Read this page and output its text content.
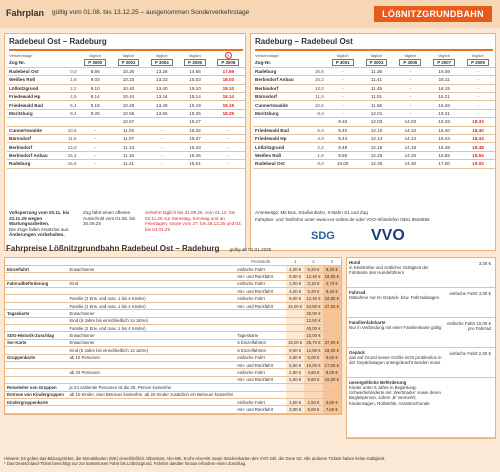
Fahrplan gültig vom 01.08. bis 13.12.25 – ausgenommen Sonderverkehrstage	LÖßNITZGRUNDBAHN
Radebeul Ost – Radeburg
Verkehrstage		täglich	täglich	täglich	täglich	✕
Zug-Nr.		P 3000	P 3002	P 3004	P 3006	P 3008
Radebeul Ost	0,0	8.56	10.26	13.26	14.56	17.56
Weißes Roß	1,6	9.03	10.33	13.33	15.03	18.03
Lößnitzgrund	2,2	9.10	10.40	13.40	15.10	18.10
Friedewald Hp	4,9	9.14	10.44	13.44	15.14	18.14
Friedewald Bad	5,4	9.19	10.49	13.49	15.19	18.19
Moritzburg	8,4	9.25	10.55	13.55	15.25	18.25
			10.57		15.27	
Cunnertswalde	10,5	-	11.03	-	15.32	-
Bärnsdorf	11,6	-	11.07	-	15.37	-
Berbisdorf	13,0	-	11.13	-	15.43	-
Berbisdorf Anbau	15,2	-	11.16	-	15.46	-
Radeburg	16,6	-	11.21	-	15.51	-
Vollsperrung vom 03.11. bis 23.11.25 wegen Wartungsarbeiten.
Die Züge fallen ersatzlos aus.
Änderungen vorbehalten.
Zug fährt einen offenen Ausschnitt vom 01.05. bis 30.09.25
verkehrt täglich bis 31.09.25, vom 01.10. bis 02.11.25 nur Samstag, Sonntag und an Feiertagen, sowie vom 27. bis 28.12.25 und 03. bis 04.01.26
Radeburg – Radebeul Ost
Verkehrstage		täglich	täglich	täglich	täglich	täglich
Zug-Nr.		P 3001	P 3003	P 3005	P 3007	P 3009
Radeburg	16,6	-	11.36	-	16.06	-
Berbisdorf Anbau	15,2	-	11.41	-	16.11	-
Berbisdorf	13,0	-	11.45	-	16.15	-
Bärnsdorf	11,6	-	11.51	-	16.21	-
Cunnertswalde	10,5	-	11.56	-	16.26	-
Moritzburg	8,4	-	12.01	-	16.31	-
		9.33	12.03	14.03	16.33	18.33
Friedewald Bad	5,4	9.40	12.10	14.10	16.40	18.40
Friedewald Hp	4,9	9.44	12.14	14.14	16.44	18.44
Lößnitzgrund	2,2	9.48	12.18	14.18	16.48	18.48
Weißes Roß	1,6	9.55	12.25	14.25	16.55	18.55
Radebeul Ost	0,0	10.00	12.30	14.30	17.00	19.00
Anreisetipp: Mit Bus, Straßenbahn, S-Bahn S1 und Zug
Fahrplan- und Tarifinfos unter www.vvo-online.de oder VVO-Infotelefon 0351 8526555
SDG VVO
Fahrpreise Lößnitzgrundbahn Radebeul Ost – Radeburg gültig ab 01.01.2025
		Preisstufe	1	2	3
Einzelfahrt	Erwachsener	einfache Fahrt	4,00 €	6,20 €	9,40 €
		Hin- und Rückfahrt	8,00 €	12,40 €	18,80 €
Fahrradbeförderung	Kind	einfache Fahrt	2,00 €	3,10 €	4,70 €
		Hin- und Rückfahrt	4,00 €	6,20 €	9,40 €
	Familie (2 Erw. und max. 1 bis 4 Kinder)	einfache Fahrt	8,00 €	12,40 €	18,80 €
	Familie (1 Erw. und max. 1 bis 4 Kinder)	Hin- und Rückfahrt	16,00 €	24,80 €	37,60 €
Tageskarte	Erwachsener			25,00 €	
	Kind (6 Jahre bis einschließlich 14 Jahre)			12,50 €	
	Familie (2 Erw. und max. 1 bis 4 Kinder)			40,00 €	
SDG-Historik-Zuschlag	Erwachsener	Tageskarte		10,00 €	
Ser-Karte	Erwachsener	5 Einzelfahrten	18,00 €	25,70 €	37,90 €
	Kind (6 Jahre bis einschließlich 14 Jahre)	5 Einzelfahrten	9,00 €	12,90 €	19,00 €
Gruppenkarte	ab 10 Personen	einfache Fahrt	2,80 €	5,00 €	8,50 €
		Hin- und Rückfahrt	6,60 €	10,00 €	17,00 €
	ab 20 Personen	einfache Fahrt	2,80 €	4,80 €	8,00 €
		Hin- und Rückfahrt	5,60 €	9,60 €	16,00 €
Reiseleiter von Gruppen	je 24 zahlende Personen ist die 25. Person kostenfrei				
Entreue von Kindergruppen	ab 10 Kinder, zwei Betreuer kostenfrei, ab 20 Kinder zusätzlich ein Betreuer kostenfrei				
Kindergruppenkarte		einfache Fahrt	1,50 €	2,50 €	3,80 €
		Hin- und Rückfahrt	3,00 €	5,00 €	7,60 €
Hund
in Kleinkörbe und zeitlicher Gültigkeit der Fahrkarte des Hundeführers
3,00 €
Fahrrad
Mitnahme nur im Gepäck- bzw. Fahrradwagen
einfache Fahrt 3,00 €
Familienfahrkarte
Nur in Verbindung mit einer Familienkarte gültig
einfache Fahrt 10,00 € pro Fahrrad
Gepäck
das auf Grund seiner Größe nicht problemlos in der Gepäckwagen untergebracht werden muss
einfache Fahrt 2,00 €
unentgeltliche Beförderung
Kinder unter 6 Jahre in Begleitung; Schwerbehinderte mit ‚Wertmarke‘ sowie deren Begleitperson, sofern ‚B‘ vermerkt; Kinderwagen, Rollstühle; Assistenzhunde
Hinweis: Es gelten das Bildungsticket, die Monatskarten (MK) einschließlich AbbroKart, Abo-MK, 9-Uhr-Abo-MK sowie Wochenkarten des VVO inkl. der Zone SZ. Alle anderen Tickets haben keine Gültigkeit.
* Das Deutschland-Ticket berechtigt nur zur kostenlosen Fahrt bis Lößnitzgrund. Fahrten darüber hinaus erfordern einen Zuschlag.
